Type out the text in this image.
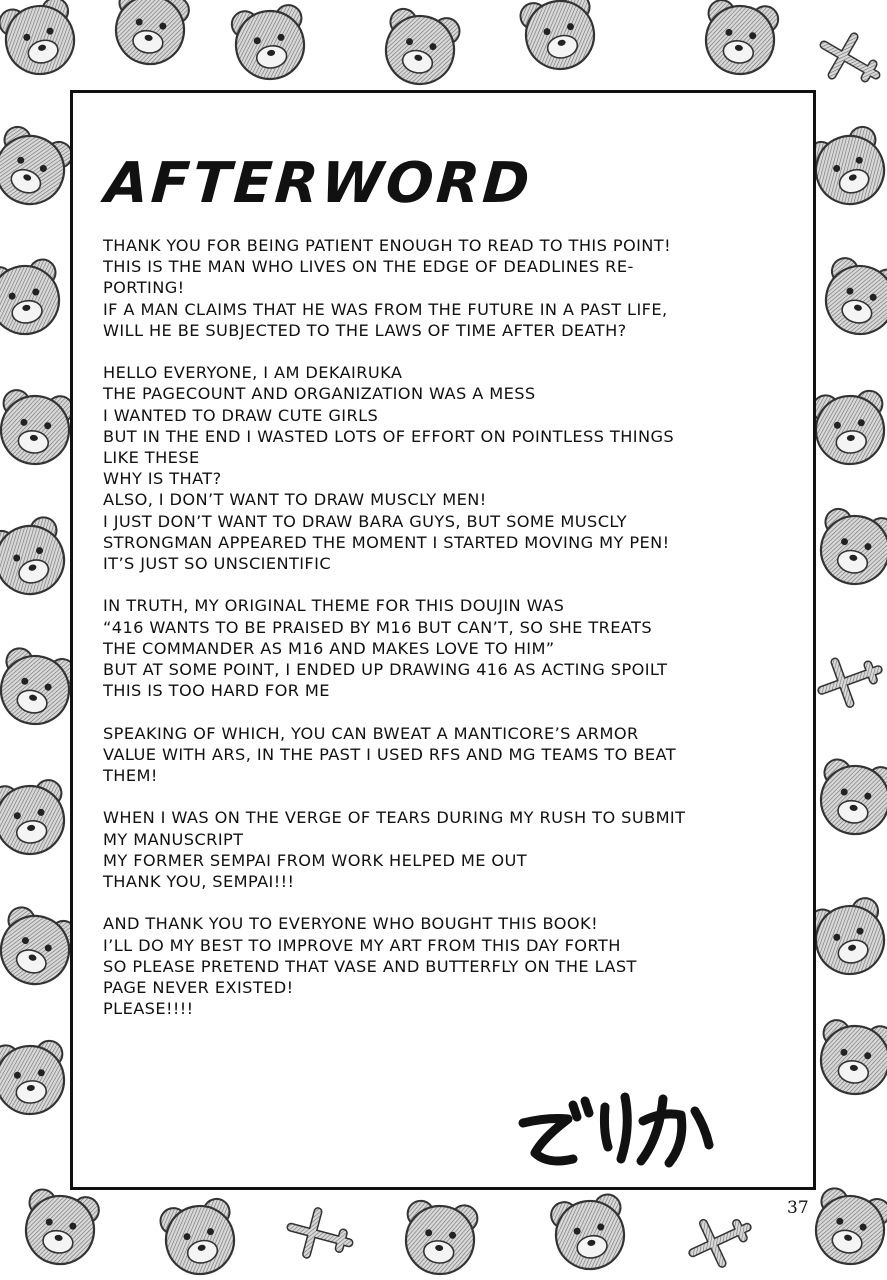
AFTERWORD

THANK YOU FOR BEING PATIENT ENOUGH TO READ TO THIS POINT!
THIS IS THE MAN WHO LIVES ON THE EDGE OF DEADLINES RE-
PORTING!
IF A MAN CLAIMS THAT HE WAS FROM THE FUTURE IN A PAST LIFE,
WILL HE BE SUBJECTED TO THE LAWS OF TIME AFTER DEATH?

HELLO EVERYONE, I AM DEKAIRUKA
THE PAGECOUNT AND ORGANIZATION WAS A MESS
I WANTED TO DRAW CUTE GIRLS
BUT IN THE END I WASTED LOTS OF EFFORT ON POINTLESS THINGS
LIKE THESE
WHY IS THAT?
ALSO, I DON’T WANT TO DRAW MUSCLY MEN!
I JUST DON’T WANT TO DRAW BARA GUYS, BUT SOME MUSCLY
STRONGMAN APPEARED THE MOMENT I STARTED MOVING MY PEN!
IT’S JUST SO UNSCIENTIFIC

IN TRUTH, MY ORIGINAL THEME FOR THIS DOUJIN WAS
“416 WANTS TO BE PRAISED BY M16 BUT CAN’T, SO SHE TREATS
THE COMMANDER AS M16 AND MAKES LOVE TO HIM”
BUT AT SOME POINT, I ENDED UP DRAWING 416 AS ACTING SPOILT
THIS IS TOO HARD FOR ME

SPEAKING OF WHICH, YOU CAN BWEAT A MANTICORE’S ARMOR
VALUE WITH ARS, IN THE PAST I USED RFS AND MG TEAMS TO BEAT
THEM!

WHEN I WAS ON THE VERGE OF TEARS DURING MY RUSH TO SUBMIT
MY MANUSCRIPT
MY FORMER SEMPAI FROM WORK HELPED ME OUT
THANK YOU, SEMPAI!!!

AND THANK YOU TO EVERYONE WHO BOUGHT THIS BOOK!
I’LL DO MY BEST TO IMPROVE MY ART FROM THIS DAY FORTH
SO PLEASE PRETEND THAT VASE AND BUTTERFLY ON THE LAST
PAGE NEVER EXISTED!
PLEASE!!!!

37
